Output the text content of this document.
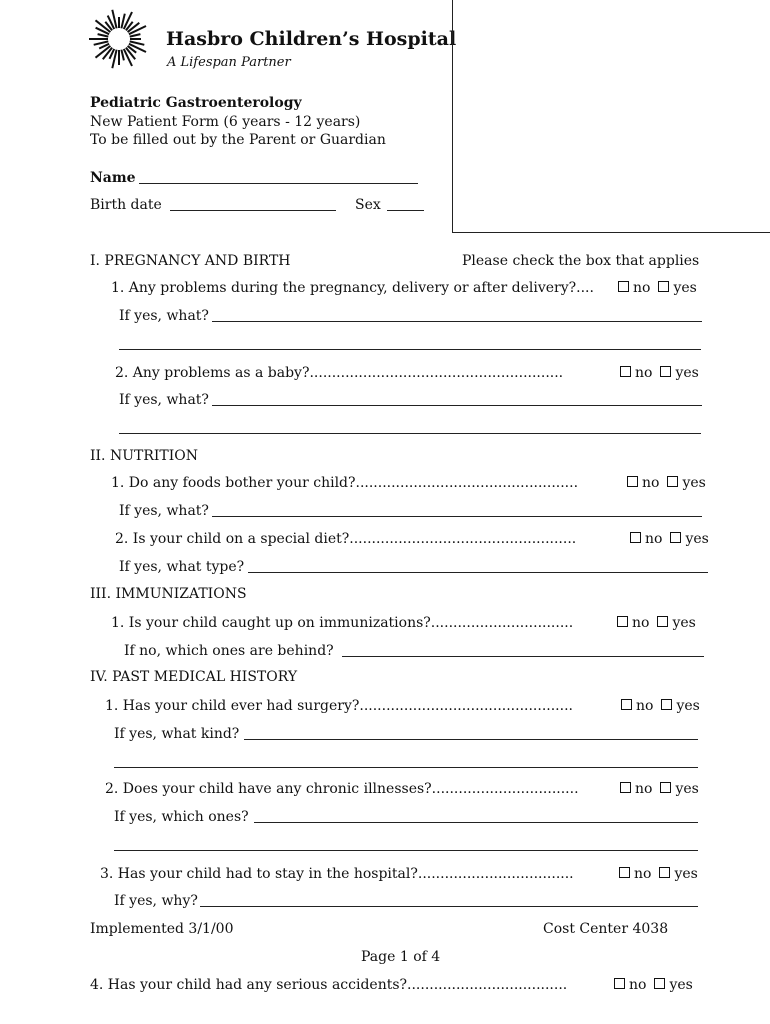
Hasbro Children’s Hospital
A Lifespan Partner
Pediatric Gastroenterology
New Patient Form (6 years - 12 years)
To be filled out by the Parent or Guardian
Name
Birth date	Sex
I. PREGNANCY AND BIRTH	Please check the box that applies
1. Any problems during the pregnancy, delivery or after delivery?....	no yes
If yes, what?
2. Any problems as a baby?.........................................................	no yes
If yes, what?
II. NUTRITION
1. Do any foods bother your child?..................................................	no yes
If yes, what?
2. Is your child on a special diet?...................................................	no yes
If yes, what type?
III. IMMUNIZATIONS
1. Is your child caught up on immunizations?................................	no yes
If no, which ones are behind?
IV. PAST MEDICAL HISTORY
1. Has your child ever had surgery?................................................	no yes
If yes, what kind?
2. Does your child have any chronic illnesses?.................................	no yes
If yes, which ones?
3. Has your child had to stay in the hospital?...................................	no yes
If yes, why?
Implemented 3/1/00	Cost Center 4038
Page 1 of 4
4. Has your child had any serious accidents?....................................	no yes
